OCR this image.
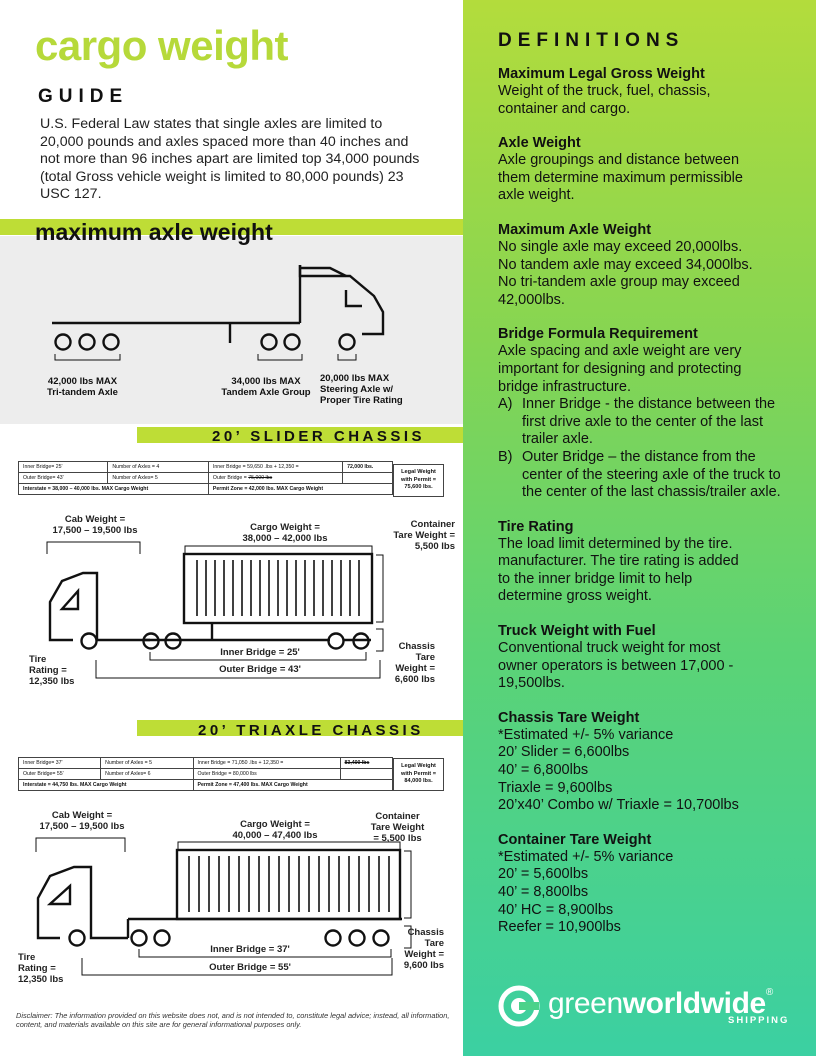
cargo weight
GUIDE
U.S. Federal Law states that single axles are limited to 20,000 pounds and axles spaced more than 40 inches and not more than 96 inches apart are limited top 34,000 pounds (total Gross vehicle weight is limited to 80,000 pounds) 23 USC 127.
maximum axle weight
42,000 lbs MAX
Tri-tandem Axle
34,000 lbs MAX
Tandem Axle Group
20,000 lbs MAX
Steering Axle w/
Proper Tire Rating
20’ SLIDER CHASSIS
Inner Bridge= 25'	Number of Axles = 4	Inner Bridge = 59,650 .lbs + 12,350 =	72,000 lbs.
Outer Bridge= 43'	Number of Axles= 5	Outer Bridge = 75,000 lbs	
Interstate = 38,000 – 40,000 lbs. MAX Cargo Weight		Permit Zone = 42,000 lbs. MAX Cargo Weight	
Legal Weight
with Permit =
75,600 lbs.
Cab Weight =
17,500 – 19,500 lbs	Cargo Weight =
38,000 – 42,000 lbs
Container
Tare Weight =
5,500 lbs
Tire
Rating =
12,350 lbs
Inner Bridge = 25'
Outer Bridge = 43'
Chassis
Tare
Weight =
6,600 lbs
20’ TRIAXLE CHASSIS
Inner Bridge= 37'	Number of Axles = 5	Inner Bridge = 71,050 .lbs + 12,350 =	83,400 lbs
Outer Bridge= 55'	Number of Axles= 6	Outer Bridge = 80,000 lbs	
Interstate = 44,750 lbs. MAX Cargo Weight		Permit Zone = 47,400 lbs. MAX Cargo Weight	
Legal Weight
with Permit =
84,000 lbs.
Cab Weight =
17,500 – 19,500 lbs	Cargo Weight =
40,000 – 47,400 lbs
Container
Tare Weight
= 5,500 lbs
Tire
Rating =
12,350 lbs
Inner Bridge = 37'
Outer Bridge = 55'
Chassis
Tare
Weight =
9,600 lbs
Disclaimer: The information provided on this website does not, and is not intended to, constitute legal advice; instead, all information, content, and materials available on this site are for general informational purposes only.
DEFINITIONS
Maximum Legal Gross Weight
Weight of the truck, fuel, chassis,
container and cargo.
Axle Weight
Axle groupings and distance between
them determine maximum permissible
axle weight.
Maximum Axle Weight
No single axle may exceed 20,000lbs.
No tandem axle may exceed 34,000lbs.
No tri-tandem axle group may exceed
42,000lbs.
Bridge Formula Requirement
Axle spacing and axle weight are very
important for designing and protecting
bridge infrastructure.
A) Inner Bridge - the distance between the first drive axle to the center of the last trailer axle.
B) Outer Bridge – the distance from the center of the steering axle of the truck to the center of the last chassis/trailer axle.
Tire Rating
The load limit determined by the tire.
manufacturer. The tire rating is added
to the inner bridge limit to help
determine gross weight.
Truck Weight with Fuel
Conventional truck weight for most
owner operators is between 17,000 -
19,500lbs.
Chassis Tare Weight
*Estimated +/- 5% variance
20’ Slider = 6,600lbs
40’ = 6,800lbs
Triaxle = 9,600lbs
20’x40’ Combo w/ Triaxle = 10,700lbs
Container Tare Weight
*Estimated +/- 5% variance
20’ = 5,600lbs
40’ = 8,800lbs
40’ HC = 8,900lbs
Reefer = 10,900lbs
greenworldwide®
SHIPPING
